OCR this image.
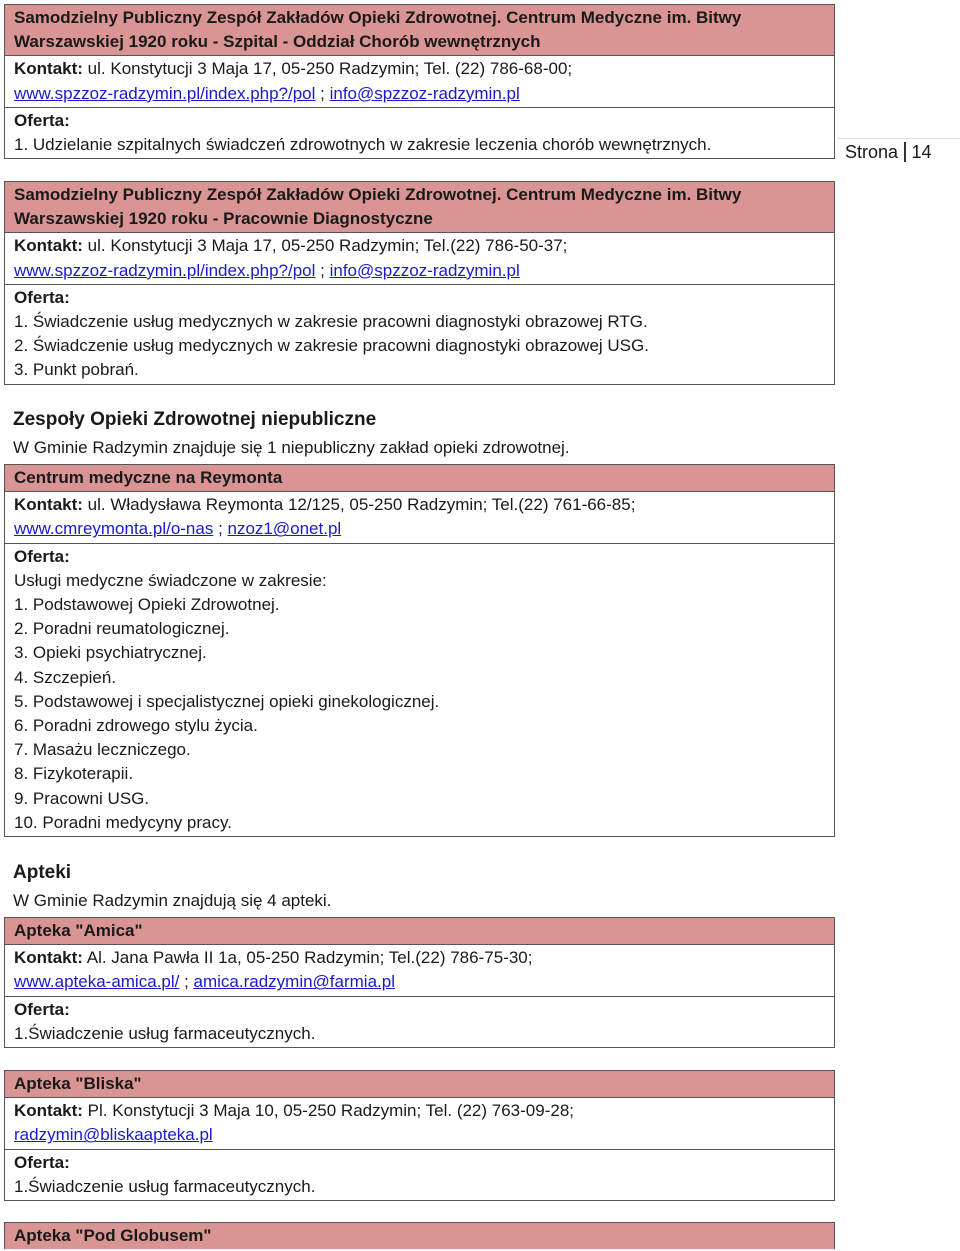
Strona 14
Samodzielny Publiczny Zespół Zakładów Opieki Zdrowotnej. Centrum Medyczne im. Bitwy Warszawskiej 1920 roku - Szpital - Oddział Chorób wewnętrznych
Kontakt: ul. Konstytucji 3 Maja 17, 05-250 Radzymin; Tel. (22) 786-68-00;
www.spzzoz-radzymin.pl/index.php?/pol ; info@spzzoz-radzymin.pl
Oferta:
1. Udzielanie szpitalnych świadczeń zdrowotnych w zakresie leczenia chorób wewnętrznych.
Samodzielny Publiczny Zespół Zakładów Opieki Zdrowotnej. Centrum Medyczne im. Bitwy Warszawskiej 1920 roku - Pracownie Diagnostyczne
Kontakt: ul. Konstytucji 3 Maja 17, 05-250 Radzymin; Tel.(22) 786-50-37;
www.spzzoz-radzymin.pl/index.php?/pol ; info@spzzoz-radzymin.pl
Oferta:
1. Świadczenie usług medycznych w zakresie pracowni diagnostyki obrazowej RTG.
2. Świadczenie usług medycznych w zakresie pracowni diagnostyki obrazowej USG.
3. Punkt pobrań.
Zespoły Opieki Zdrowotnej niepubliczne
W Gminie Radzymin znajduje się 1 niepubliczny zakład opieki zdrowotnej.
Centrum medyczne na Reymonta
Kontakt: ul. Władysława Reymonta 12/125, 05-250 Radzymin; Tel.(22) 761-66-85;
www.cmreymonta.pl/o-nas ; nzoz1@onet.pl
Oferta:
Usługi medyczne świadczone w zakresie:
1. Podstawowej Opieki Zdrowotnej.
2. Poradni reumatologicznej.
3. Opieki psychiatrycznej.
4. Szczepień.
5. Podstawowej i specjalistycznej opieki ginekologicznej.
6. Poradni zdrowego stylu życia.
7. Masażu leczniczego.
8. Fizykoterapii.
9. Pracowni USG.
10. Poradni medycyny pracy.
Apteki
W Gminie Radzymin znajdują się 4 apteki.
Apteka "Amica"
Kontakt: Al. Jana Pawła II 1a, 05-250 Radzymin; Tel.(22) 786-75-30;
www.apteka-amica.pl/ ; amica.radzymin@farmia.pl
Oferta:
1.Świadczenie usług farmaceutycznych.
Apteka "Bliska"
Kontakt: Pl. Konstytucji 3 Maja 10, 05-250 Radzymin; Tel. (22) 763-09-28;
radzymin@bliskaapteka.pl
Oferta:
1.Świadczenie usług farmaceutycznych.
Apteka "Pod Globusem"
